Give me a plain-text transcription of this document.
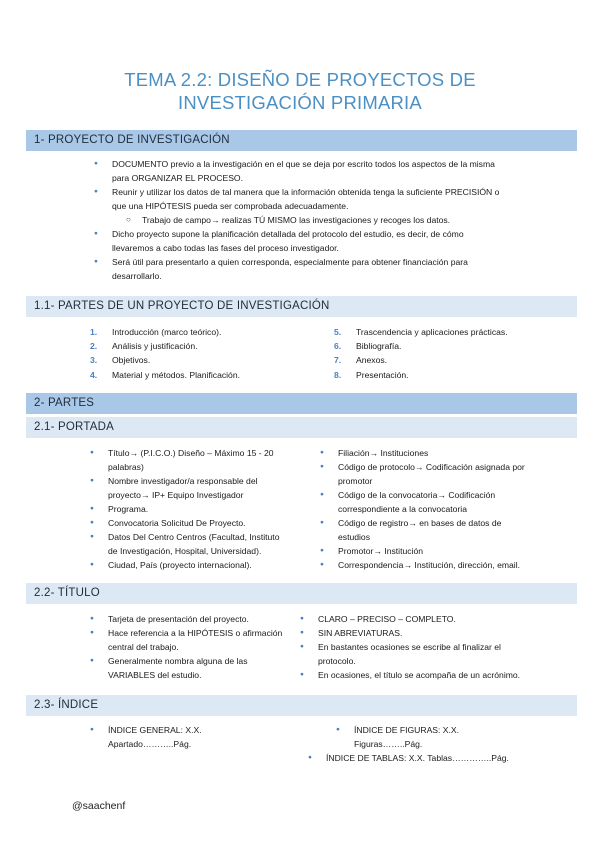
TEMA 2.2: DISEÑO DE PROYECTOS DE
INVESTIGACIÓN PRIMARIA
1- PROYECTO DE INVESTIGACIÓN
● DOCUMENTO previo a la investigación en el que se deja por escrito todos los aspectos de la misma
para ORGANIZAR EL PROCESO.
● Reunir y utilizar los datos de tal manera que la información obtenida tenga la suficiente PRECISIÓN o
que una HIPÓTESIS pueda ser comprobada adecuadamente.
○ Trabajo de campo→ realizas TÚ MISMO las investigaciones y recoges los datos.
● Dicho proyecto supone la planificación detallada del protocolo del estudio, es decir, de cómo
llevaremos a cabo todas las fases del proceso investigador.
● Será útil para presentarlo a quien corresponda, especialmente para obtener financiación para
desarrollarlo.
1.1- PARTES DE UN PROYECTO DE INVESTIGACIÓN
1. Introducción (marco teórico).
2. Análisis y justificación.
3. Objetivos.
4. Material y métodos. Planificación.
5. Trascendencia y aplicaciones prácticas.
6. Bibliografía.
7. Anexos.
8. Presentación.
2- PARTES
2.1- PORTADA
● Título→ (P.I.C.O.) Diseño – Máximo 15 - 20
palabras)
● Nombre investigador/a responsable del
proyecto→ IP+ Equipo Investigador
● Programa.
● Convocatoria Solicitud De Proyecto.
● Datos Del Centro Centros (Facultad, Instituto
de Investigación, Hospital, Universidad).
● Ciudad, País (proyecto internacional).
● Filiación→ Instituciones
● Código de protocolo→ Codificación asignada por
promotor
● Código de la convocatoria→ Codificación
correspondiente a la convocatoria
● Código de registro→ en bases de datos de
estudios
● Promotor→ Institución
● Correspondencia→ Institución, dirección, email.
2.2- TÍTULO
● Tarjeta de presentación del proyecto.
● Hace referencia a la HIPÓTESIS o afirmación
central del trabajo.
● Generalmente nombra alguna de las
VARIABLES del estudio.
● CLARO – PRECISO – COMPLETO.
● SIN ABREVIATURAS.
● En bastantes ocasiones se escribe al finalizar el
protocolo.
● En ocasiones, el título se acompaña de un acrónimo.
2.3- ÍNDICE
● ÍNDICE GENERAL: X.X.
Apartado………..Pág.
● ÍNDICE DE FIGURAS: X.X.
Figuras……..Pág.
● ÍNDICE DE TABLAS: X.X. Tablas…………..Pág.
@saachenf
